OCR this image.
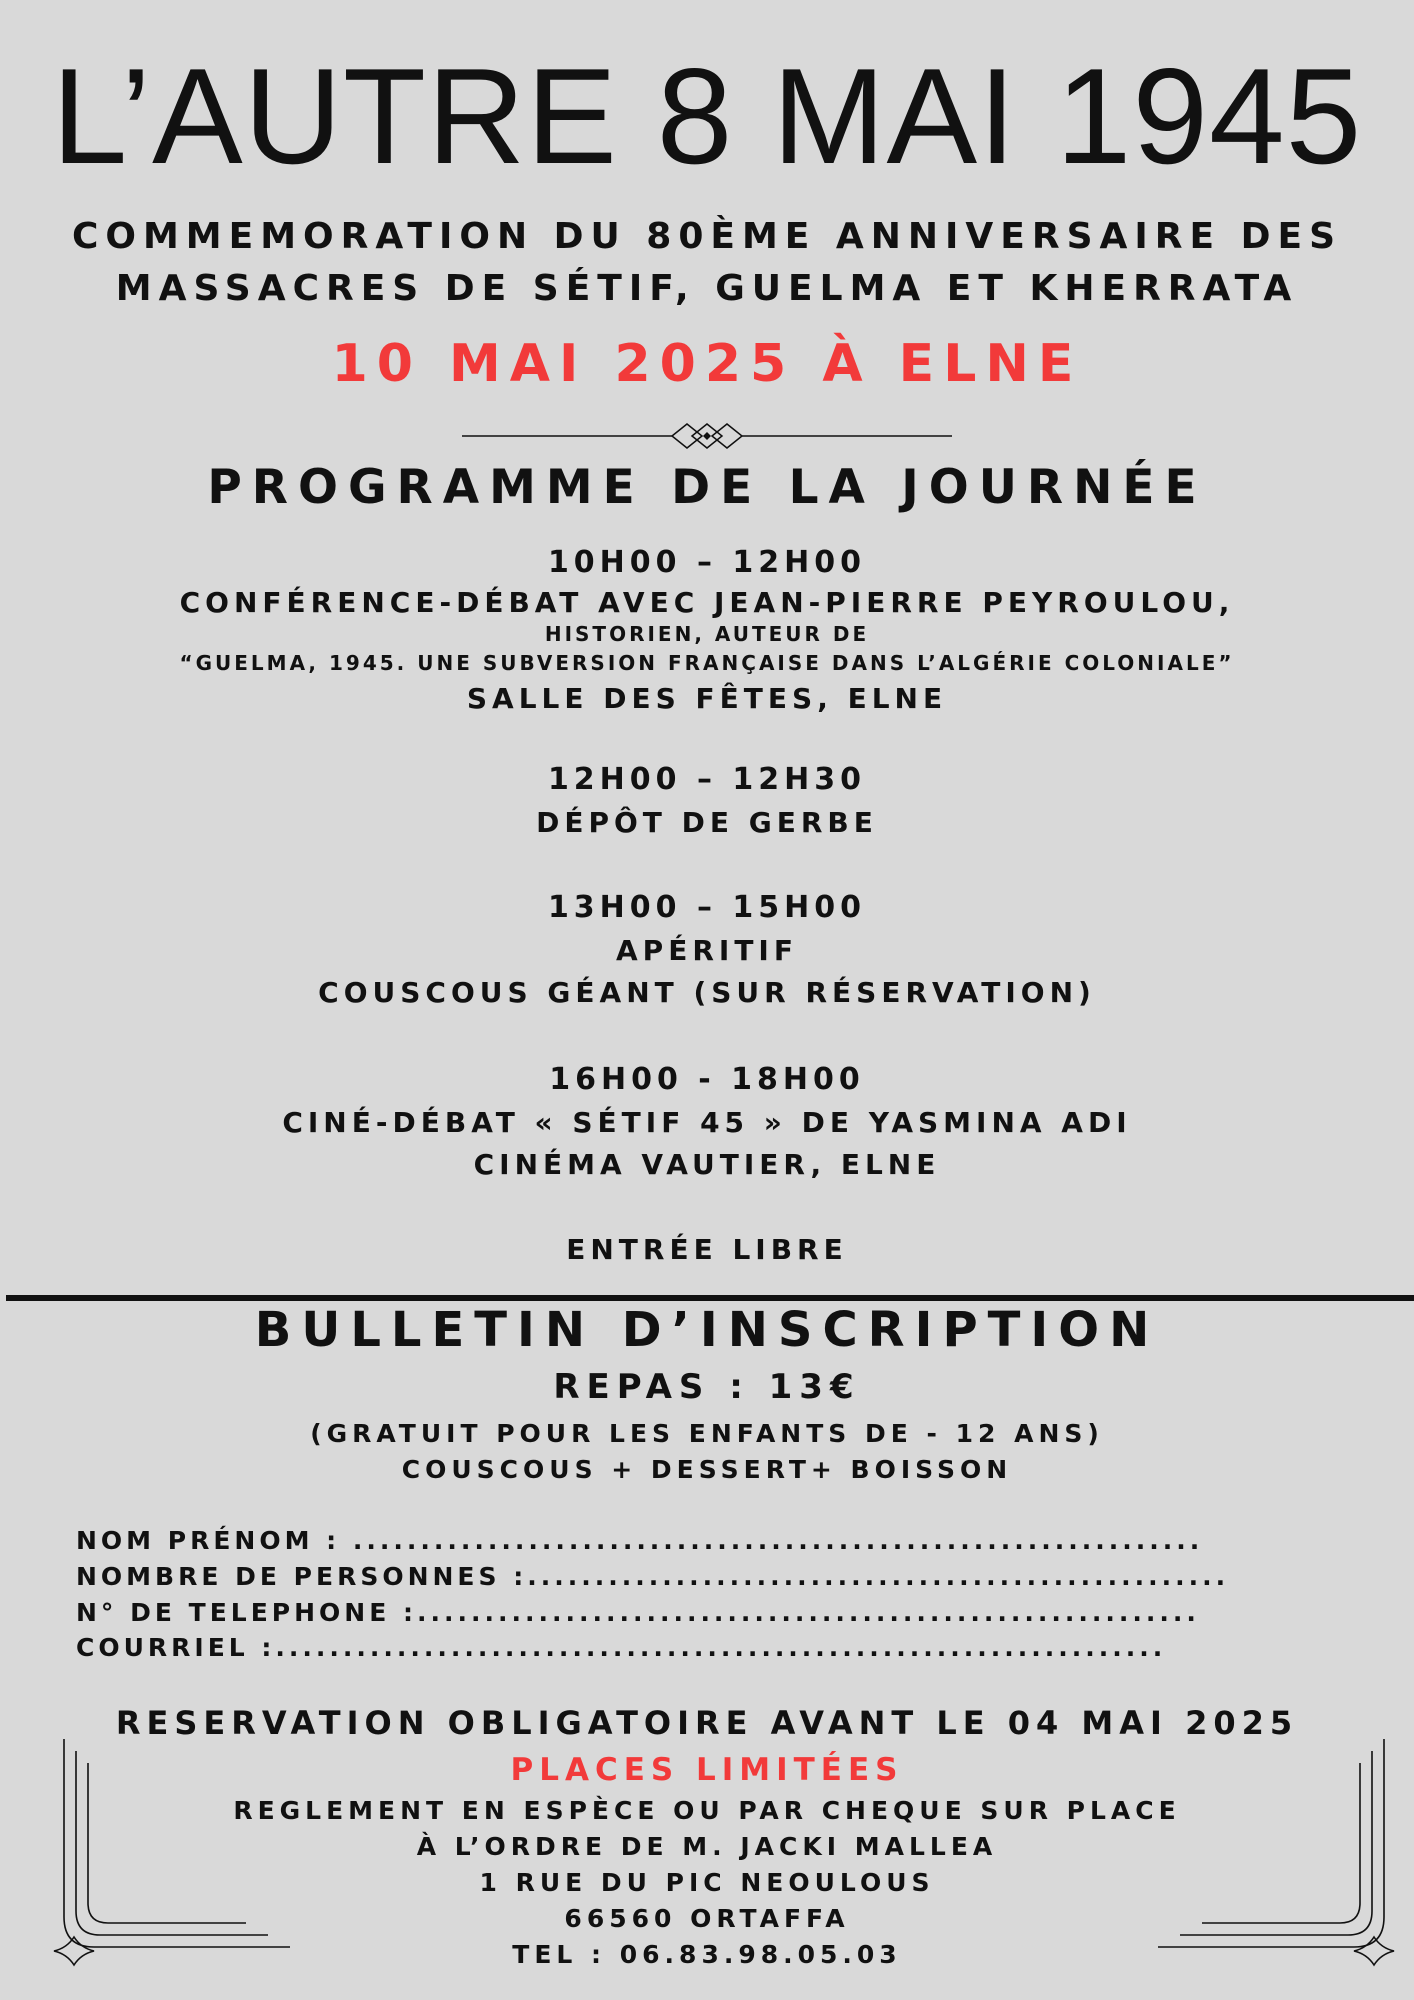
L’AUTRE 8 MAI 1945
COMMEMORATION DU 80ÈME ANNIVERSAIRE DES
MASSACRES DE SÉTIF, GUELMA ET KHERRATA
10 MAI 2025 À ELNE
PROGRAMME DE LA JOURNÉE
10H00 – 12H00
CONFÉRENCE-DÉBAT AVEC JEAN-PIERRE PEYROULOU,
HISTORIEN, AUTEUR DE
“GUELMA, 1945. UNE SUBVERSION FRANÇAISE DANS L’ALGÉRIE COLONIALE”
SALLE DES FÊTES, ELNE
12H00 – 12H30
DÉPÔT DE GERBE
13H00 – 15H00
APÉRITIF
COUSCOUS GÉANT (SUR RÉSERVATION)
16H00 - 18H00
CINÉ-DÉBAT « SÉTIF 45 » DE YASMINA ADI
CINÉMA VAUTIER, ELNE
ENTRÉE LIBRE
BULLETIN D’INSCRIPTION
REPAS : 13€
(GRATUIT POUR LES ENFANTS DE - 12 ANS)
COUSCOUS + DESSERT+ BOISSON
NOM PRÉNOM : ...............................................................
NOMBRE DE PERSONNES :....................................................
N° DE TELEPHONE :..........................................................
COURRIEL :..................................................................
RESERVATION OBLIGATOIRE AVANT LE 04 MAI 2025
PLACES LIMITÉES
REGLEMENT EN ESPÈCE OU PAR CHEQUE SUR PLACE
À L’ORDRE DE M. JACKI MALLEA
1 RUE DU PIC NEOULOUS
66560 ORTAFFA
TEL : 06.83.98.05.03
